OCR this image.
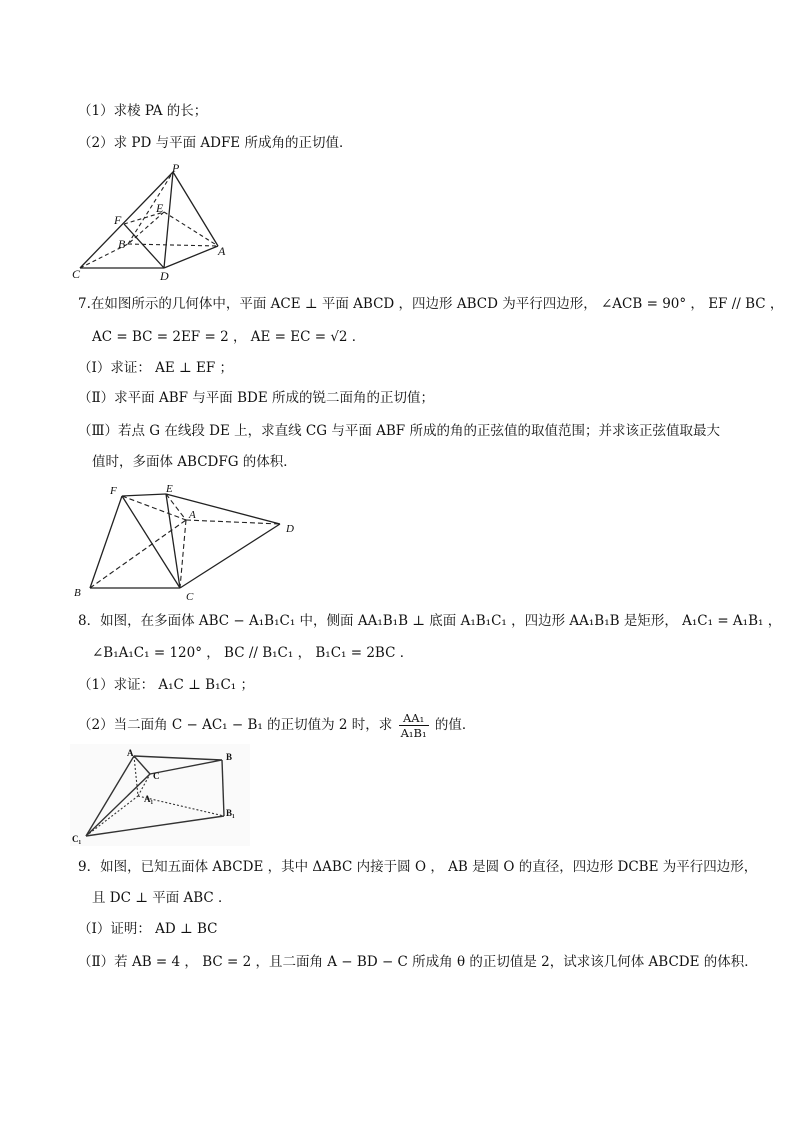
（1）求棱 PA 的长；
（2）求 PD 与平面 ADFE 所成角的正切值．
P
F
E
B	A
C	D
7.在如图所示的几何体中，平面 ACE ⊥ 平面 ABCD ，四边形 ABCD 为平行四边形， ∠ACB = 90° ， EF // BC ，
AC = BC = 2EF = 2 ， AE = EC = √2 ．
（Ⅰ）求证： AE ⊥ EF ；
（Ⅱ）求平面 ABF 与平面 BDE 所成的锐二面角的正切值；
（Ⅲ）若点 G 在线段 DE 上，求直线 CG 与平面 ABF 所成的角的正弦值的取值范围；并求该正弦值取最大
值时，多面体 ABCDFG 的体积．
F	E
A
D
B	C
8．如图，在多面体 ABC − A₁B₁C₁ 中，侧面 AA₁B₁B ⊥ 底面 A₁B₁C₁ ，四边形 AA₁B₁B 是矩形， A₁C₁ = A₁B₁ ，
∠B₁A₁C₁ = 120° ， BC // B₁C₁ ， B₁C₁ = 2BC ．
（1）求证： A₁C ⊥ B₁C₁ ；
（2）当二面角 C − AC₁ − B₁ 的正切值为 2 时，求 $\frac{\text{AA₁}}{\text{A₁B₁}}$ 的值．
A	B
C
A₁
B₁
C₁
9．如图，已知五面体 ABCDE ，其中 ΔABC 内接于圆 O ， AB 是圆 O 的直径，四边形 DCBE 为平行四边形，
且 DC ⊥ 平面 ABC ．
（Ⅰ）证明： AD ⊥ BC
（Ⅱ）若 AB = 4 ， BC = 2 ，且二面角 A − BD − C 所成角 θ 的正切值是 2，试求该几何体 ABCDE 的体积．
